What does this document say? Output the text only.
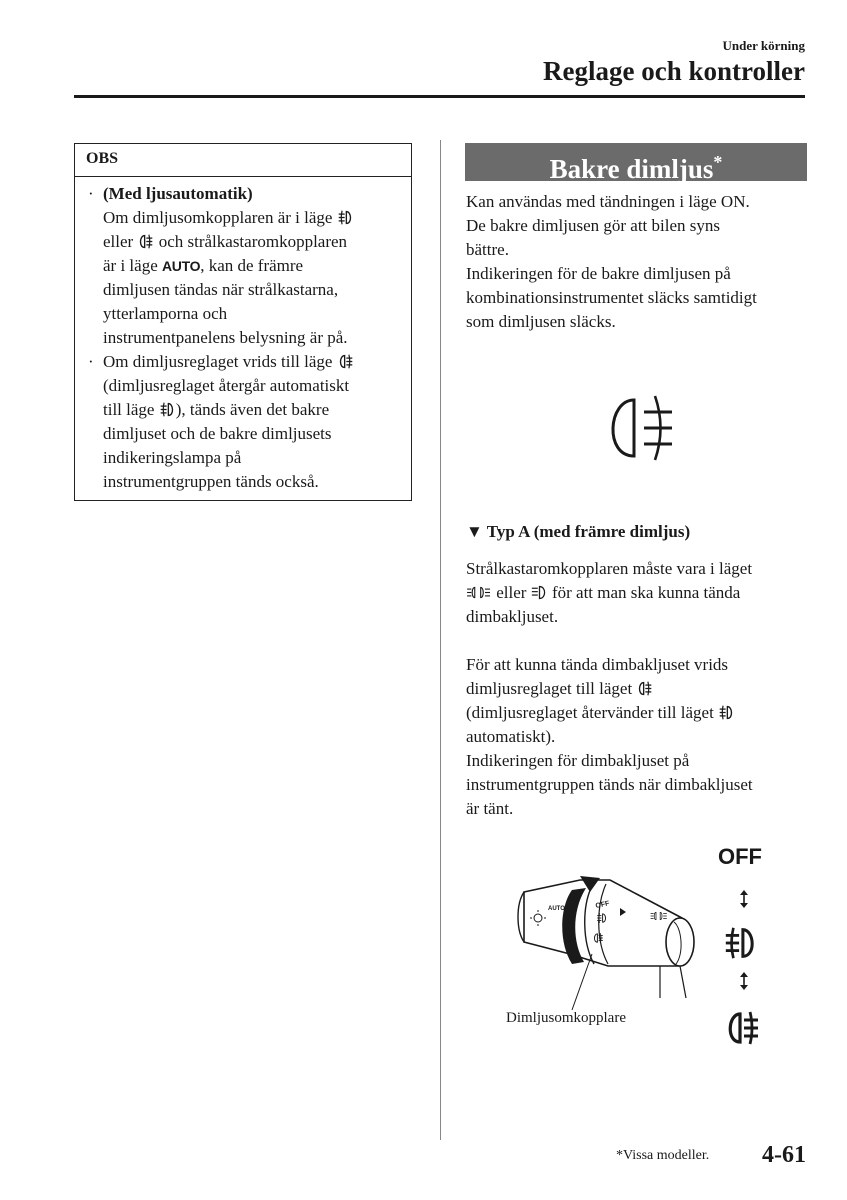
Under körning
Reglage och kontroller
OBS
· (Med ljusautomatik)
Om dimljusomkopplaren är i läge
eller och strålkastaromkopplaren
är i läge AUTO, kan de främre
dimljusen tändas när strålkastarna,
ytterlamporna och
instrumentpanelens belysning är på.
· Om dimljusreglaget vrids till läge
(dimljusreglaget återgår automatiskt
till läge ), tänds även det bakre
dimljuset och de bakre dimljusets
indikeringslampa på
instrumentgruppen tänds också.
Bakre dimljus*
Kan användas med tändningen i läge ON.
De bakre dimljusen gör att bilen syns
bättre.
Indikeringen för de bakre dimljusen på
kombinationsinstrumentet släcks samtidigt
som dimljusen släcks.
▼ Typ A (med främre dimljus)
Strålkastaromkopplaren måste vara i läget
eller för att man ska kunna tända
dimbakljuset.
För att kunna tända dimbakljuset vrids
dimljusreglaget till läget
(dimljusreglaget återvänder till läget
automatiskt).
Indikeringen för dimbakljuset på
instrumentgruppen tänds när dimbakljuset
är tänt.
OFF
OFF
AUTO
Dimljusomkopplare
*Vissa modeller. 4-61
